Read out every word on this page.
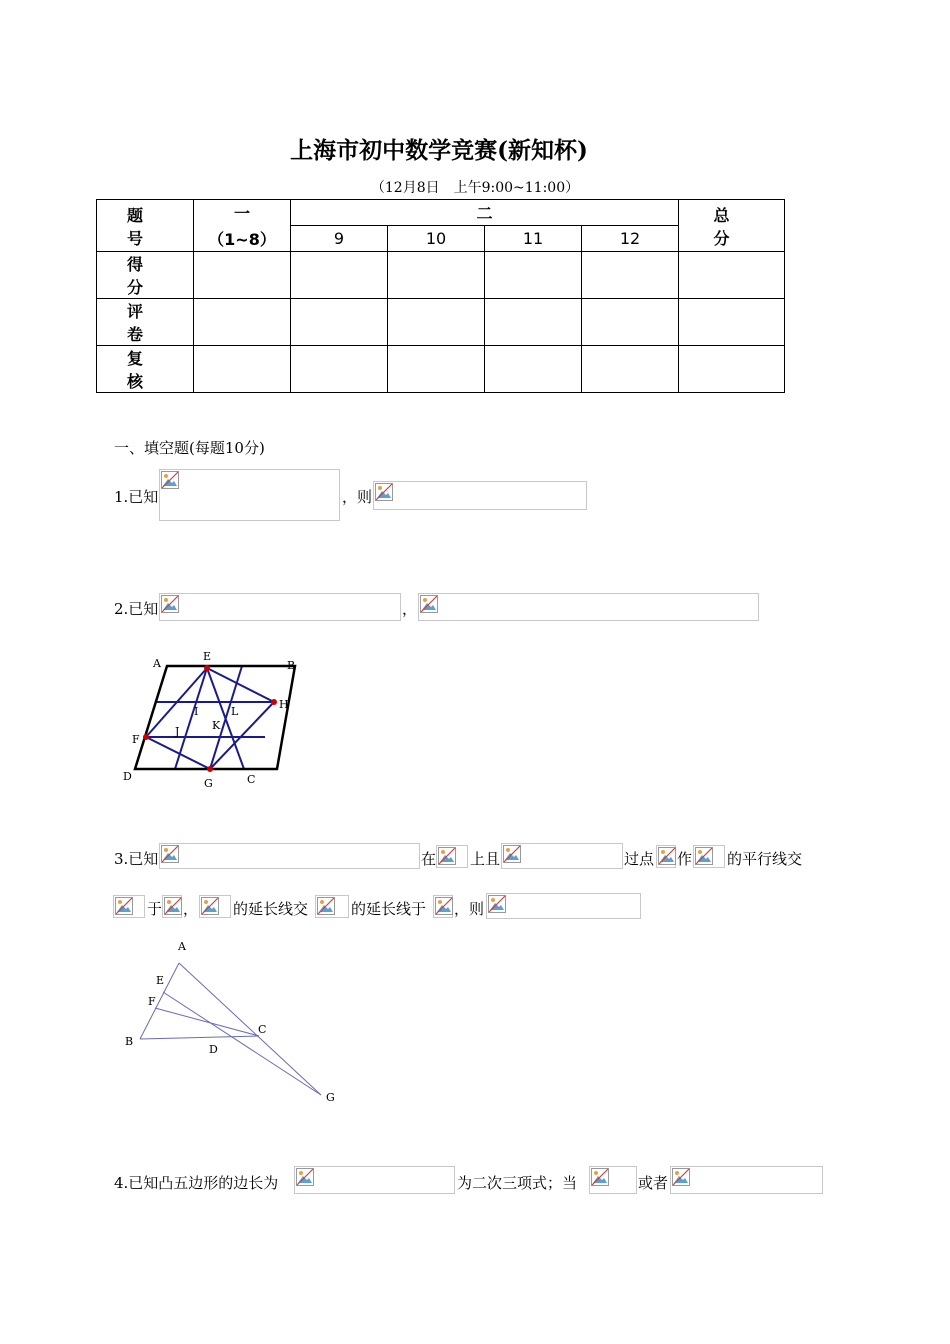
上海市初中数学竞赛(新知杯)
（12月8日　上午9:00~11:00）
题　号	一	二				总　分
	（1~8）	9	10	11	12	
得　分						
评　卷						
复　核						
一、填空题(每题10分)
1.已知	，则
2.已知	，
A	B
C
D
E
F
G
H
I
J	K
L
3.已知	在 上且	过点 作 的平行线交
于 ， 的延长线交	的延长线于 ，则
A
B
C
D
E
F
G
4.已知凸五边形的边长为	为二次三项式；当	或者
